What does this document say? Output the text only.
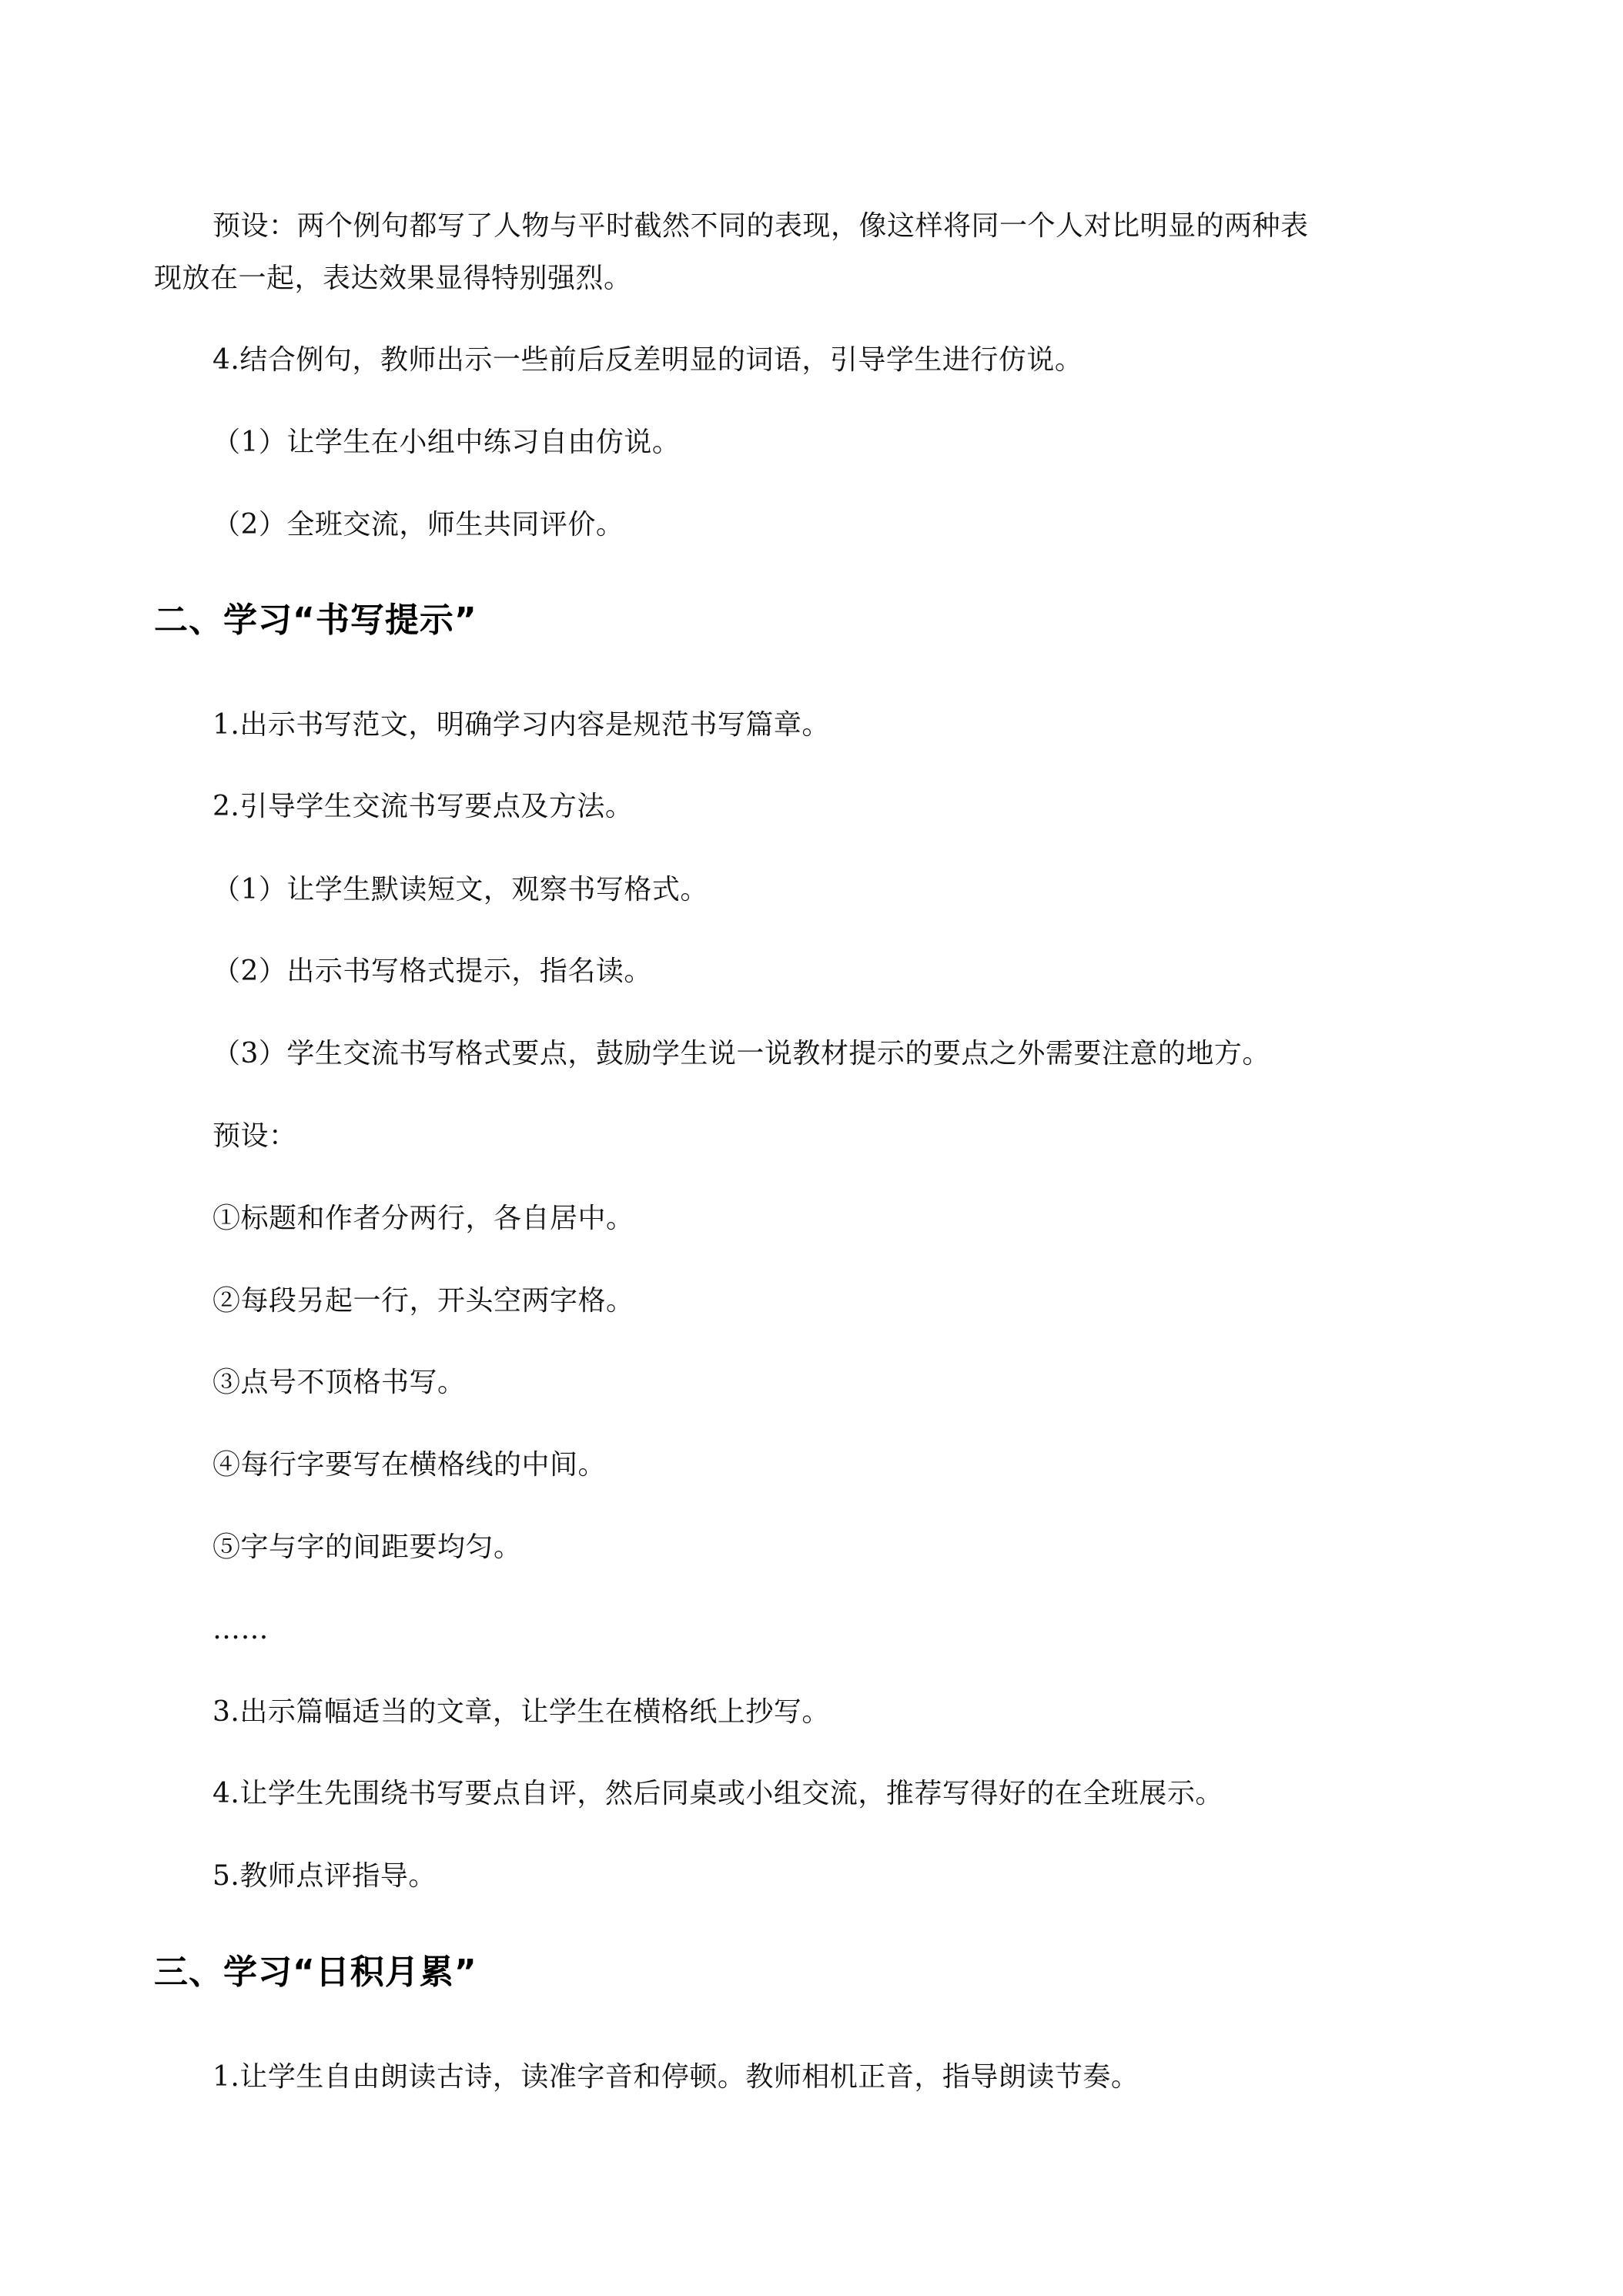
预设：两个例句都写了人物与平时截然不同的表现，像这样将同一个人对比明显的两种表
现放在一起，表达效果显得特别强烈。
4.结合例句，教师出示一些前后反差明显的词语，引导学生进行仿说。
（1）让学生在小组中练习自由仿说。
（2）全班交流，师生共同评价。
二、学习“书写提示”
1.出示书写范文，明确学习内容是规范书写篇章。
2.引导学生交流书写要点及方法。
（1）让学生默读短文，观察书写格式。
（2）出示书写格式提示，指名读。
（3）学生交流书写格式要点，鼓励学生说一说教材提示的要点之外需要注意的地方。
预设：
①标题和作者分两行，各自居中。
②每段另起一行，开头空两字格。
③点号不顶格书写。
④每行字要写在横格线的中间。
⑤字与字的间距要均匀。
……
3.出示篇幅适当的文章，让学生在横格纸上抄写。
4.让学生先围绕书写要点自评，然后同桌或小组交流，推荐写得好的在全班展示。
5.教师点评指导。
三、学习“日积月累”
1.让学生自由朗读古诗，读准字音和停顿。教师相机正音，指导朗读节奏。
